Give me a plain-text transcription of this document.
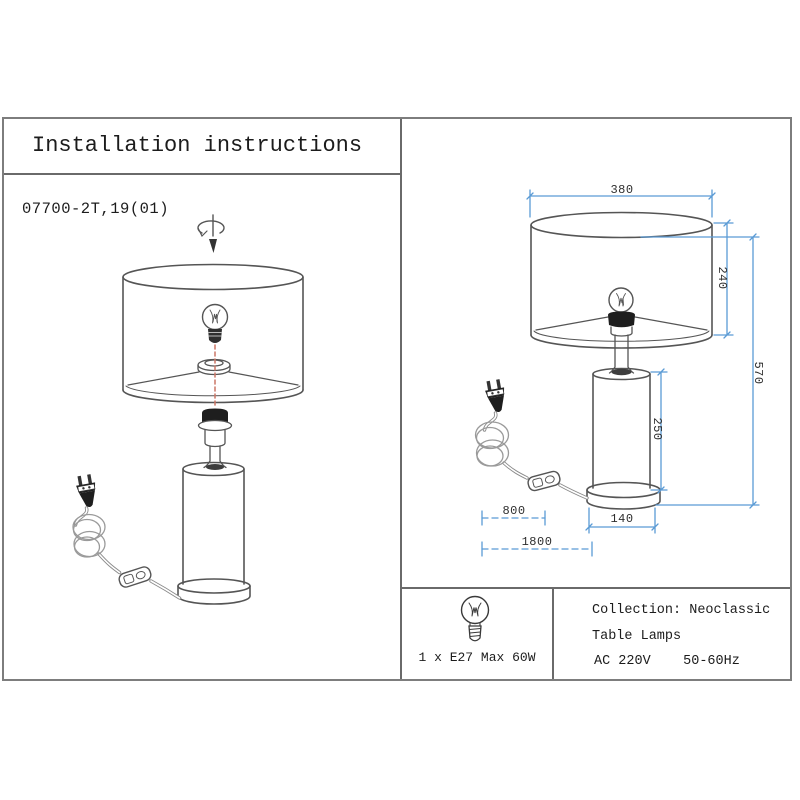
Installation instructions
07700-2T,19(01)
380
240
570
250
140
800
1800
1 x E27 Max 60W
Collection: Neoclassic
Table Lamps
AC 220V    50-60Hz
